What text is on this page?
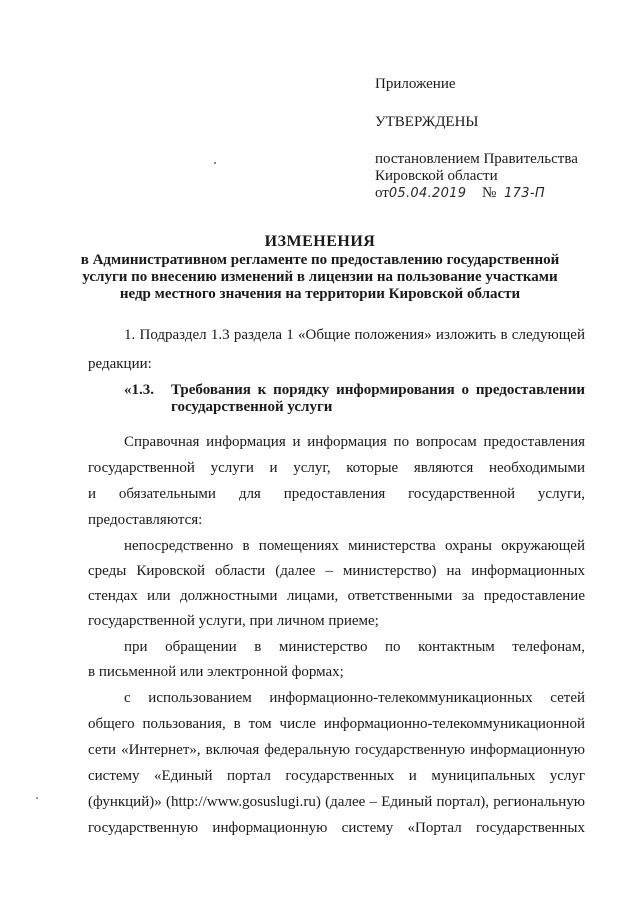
Приложение
УТВЕРЖДЕНЫ
постановлением Правительства
Кировской области
от05.04.2019 № 173-П
ИЗМЕНЕНИЯ
в Административном регламенте по предоставлению государственной
услуги по внесению изменений в лицензии на пользование участками
недр местного значения на территории Кировской области
1. Подраздел 1.3 раздела 1 «Общие положения» изложить в следующей
редакции:
«1.3. Требования к порядку информирования о предоставлении
государственной услуги
Справочная информация и информация по вопросам предоставления
государственной услуги и услуг, которые являются необходимыми
и обязательными для предоставления государственной услуги,
предоставляются:
непосредственно в помещениях министерства охраны окружающей
среды Кировской области (далее – министерство) на информационных
стендах или должностными лицами, ответственными за предоставление
государственной услуги, при личном приеме;
при обращении в министерство по контактным телефонам,
в письменной или электронной формах;
с использованием информационно-телекоммуникационных сетей
общего пользования, в том числе информационно-телекоммуникационной
сети «Интернет», включая федеральную государственную информационную
систему «Единый портал государственных и муниципальных услуг
(функций)» (http://www.gosuslugi.ru) (далее – Единый портал), региональную
государственную информационную систему «Портал государственных
